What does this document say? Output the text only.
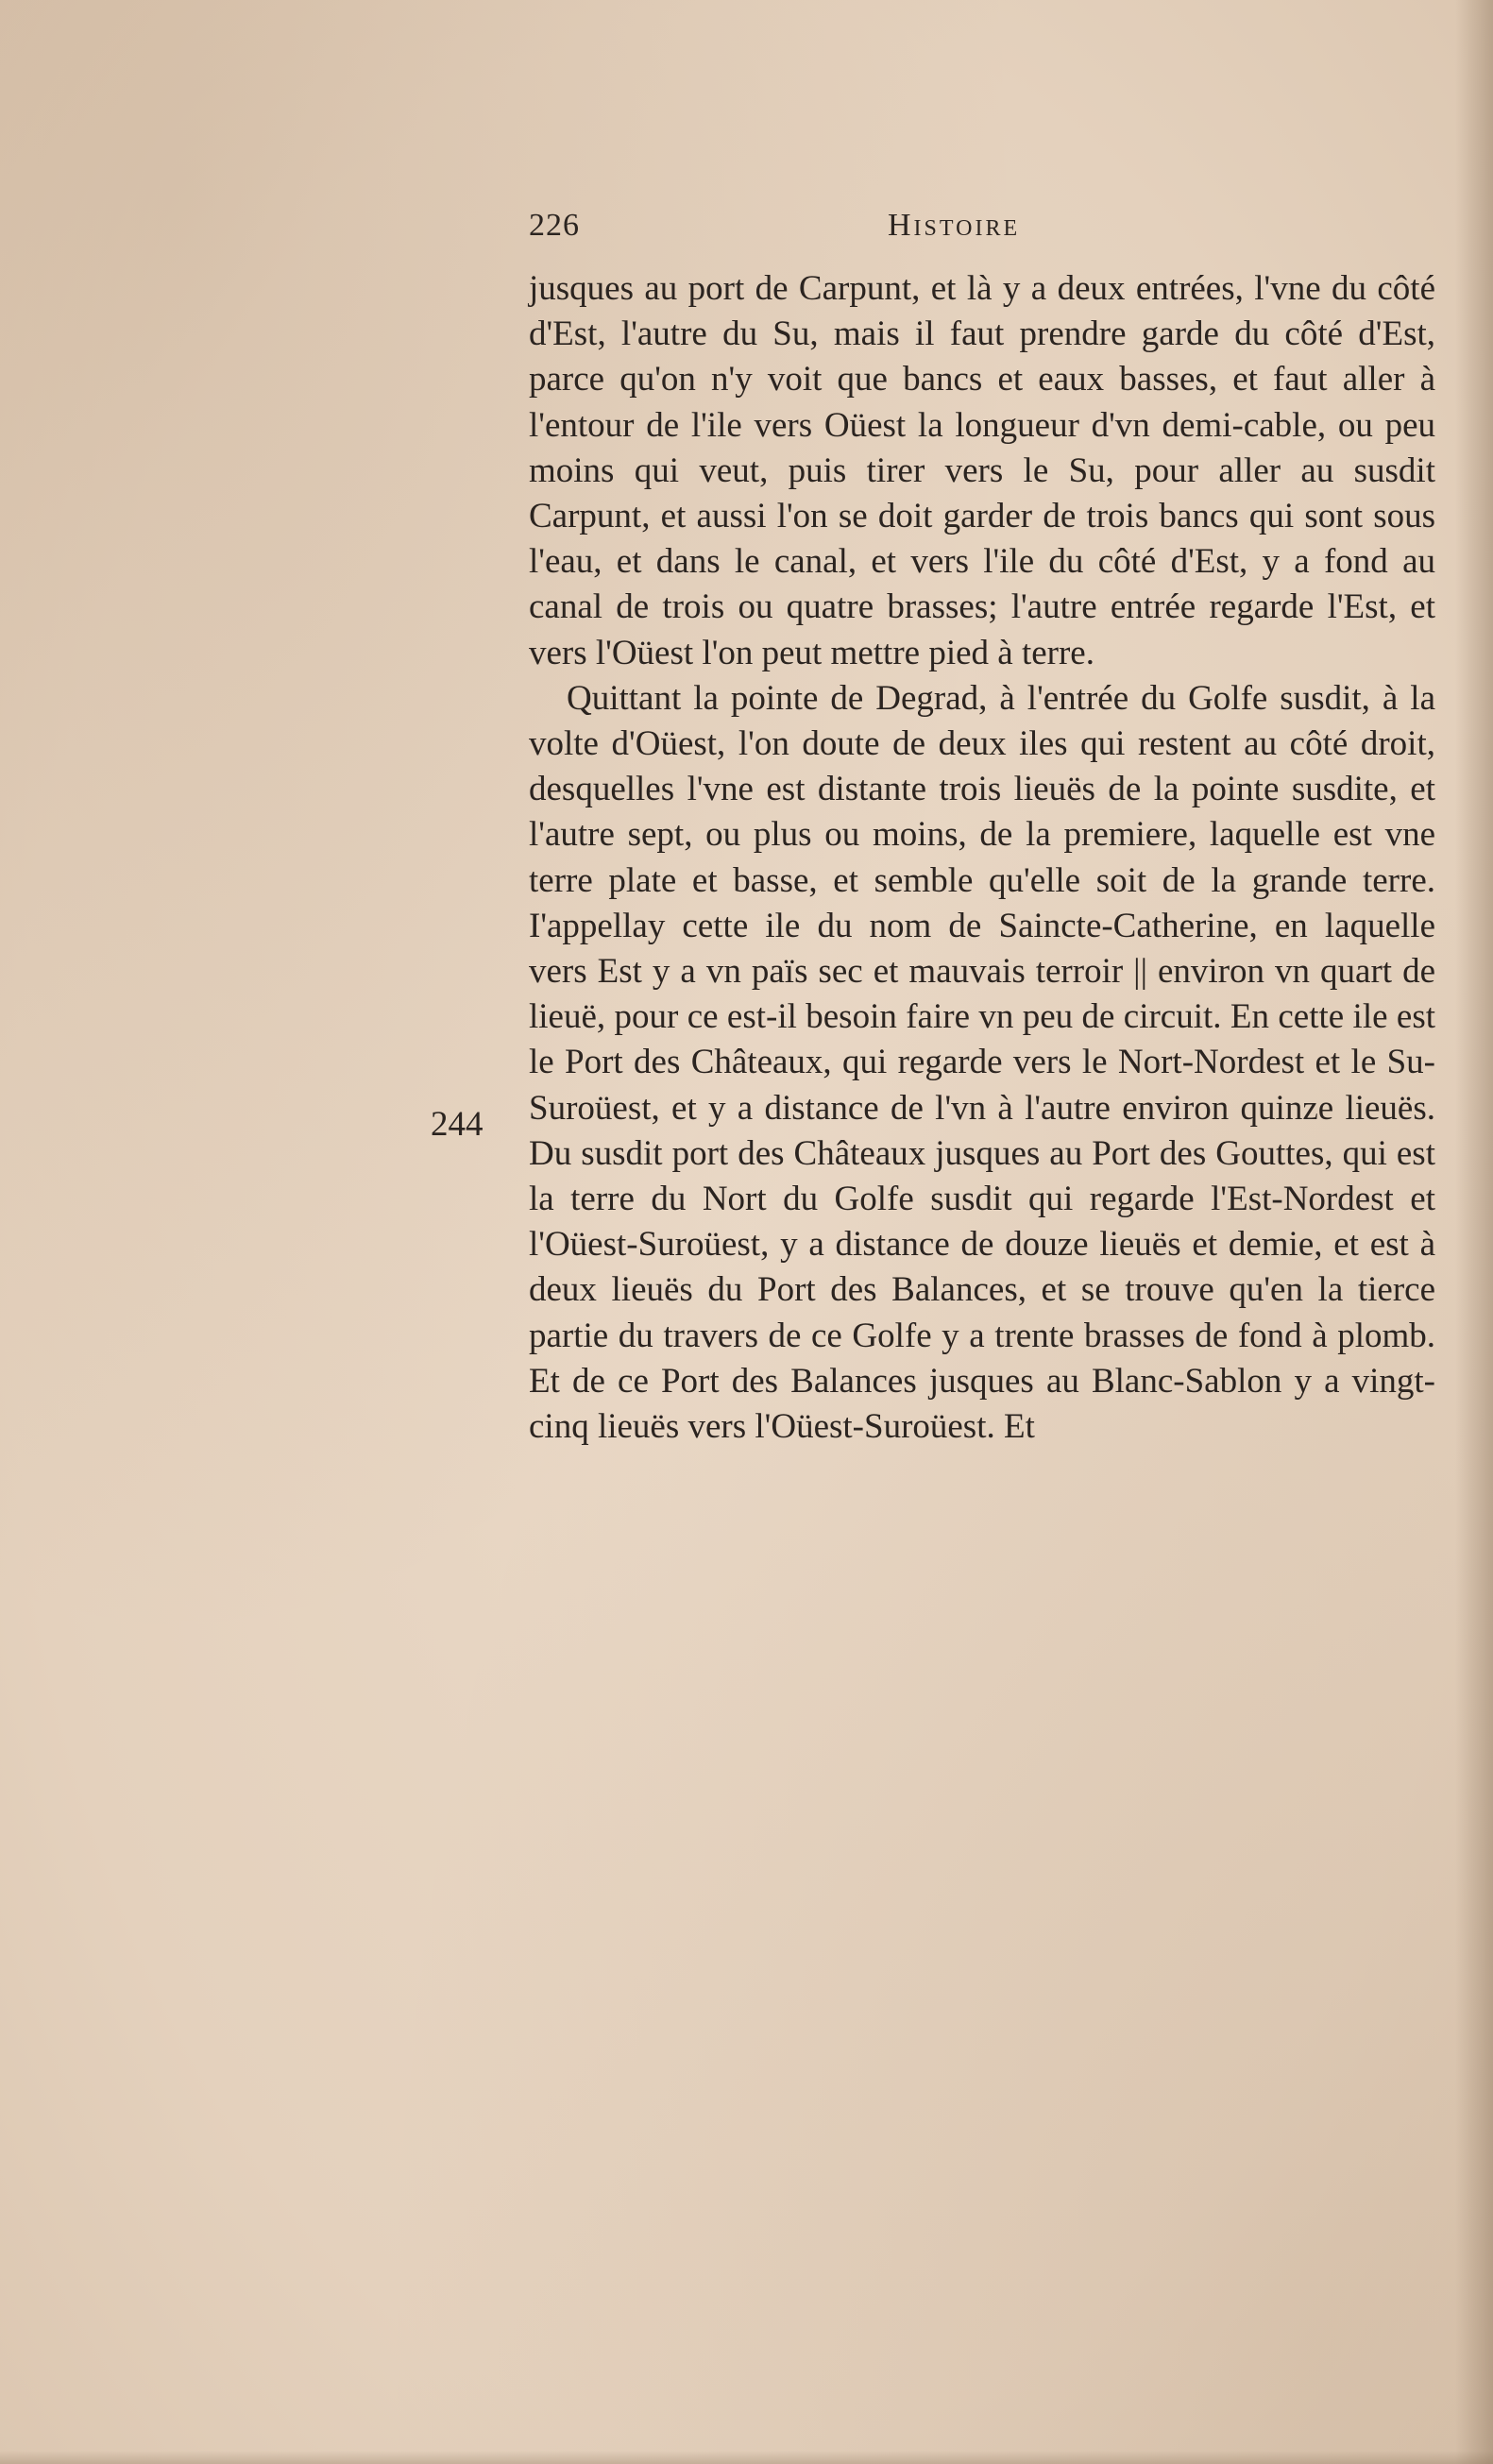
226	Histoire
244

jusques au port de Carpunt, et là y a deux entrées, l'vne du côté d'Est, l'autre du Su, mais il faut prendre garde du côté d'Est, parce qu'on n'y voit que bancs et eaux basses, et faut aller à l'entour de l'ile vers Oüest la longueur d'vn demi-cable, ou peu moins qui veut, puis tirer vers le Su, pour aller au susdit Carpunt, et aussi l'on se doit garder de trois bancs qui sont sous l'eau, et dans le canal, et vers l'ile du côté d'Est, y a fond au canal de trois ou quatre brasses; l'autre entrée regarde l'Est, et vers l'Oüest l'on peut mettre pied à terre.

Quittant la pointe de Degrad, à l'entrée du Golfe susdit, à la volte d'Oüest, l'on doute de deux iles qui restent au côté droit, desquelles l'vne est distante trois lieuës de la pointe susdite, et l'autre sept, ou plus ou moins, de la premiere, laquelle est vne terre plate et basse, et semble qu'elle soit de la grande terre. I'appellay cette ile du nom de Saincte-Catherine, en laquelle vers Est y a vn païs sec et mauvais terroir || environ vn quart de lieuë, pour ce est-il besoin faire vn peu de circuit. En cette ile est le Port des Châteaux, qui regarde vers le Nort-Nordest et le Su-Suroüest, et y a distance de l'vn à l'autre environ quinze lieuës. Du susdit port des Châteaux jusques au Port des Gouttes, qui est la terre du Nort du Golfe susdit qui regarde l'Est-Nordest et l'Oüest-Suroüest, y a distance de douze lieuës et demie, et est à deux lieuës du Port des Balances, et se trouve qu'en la tierce partie du travers de ce Golfe y a trente brasses de fond à plomb. Et de ce Port des Balances jusques au Blanc-Sablon y a vingt-cinq lieuës vers l'Oüest-Suroüest. Et
